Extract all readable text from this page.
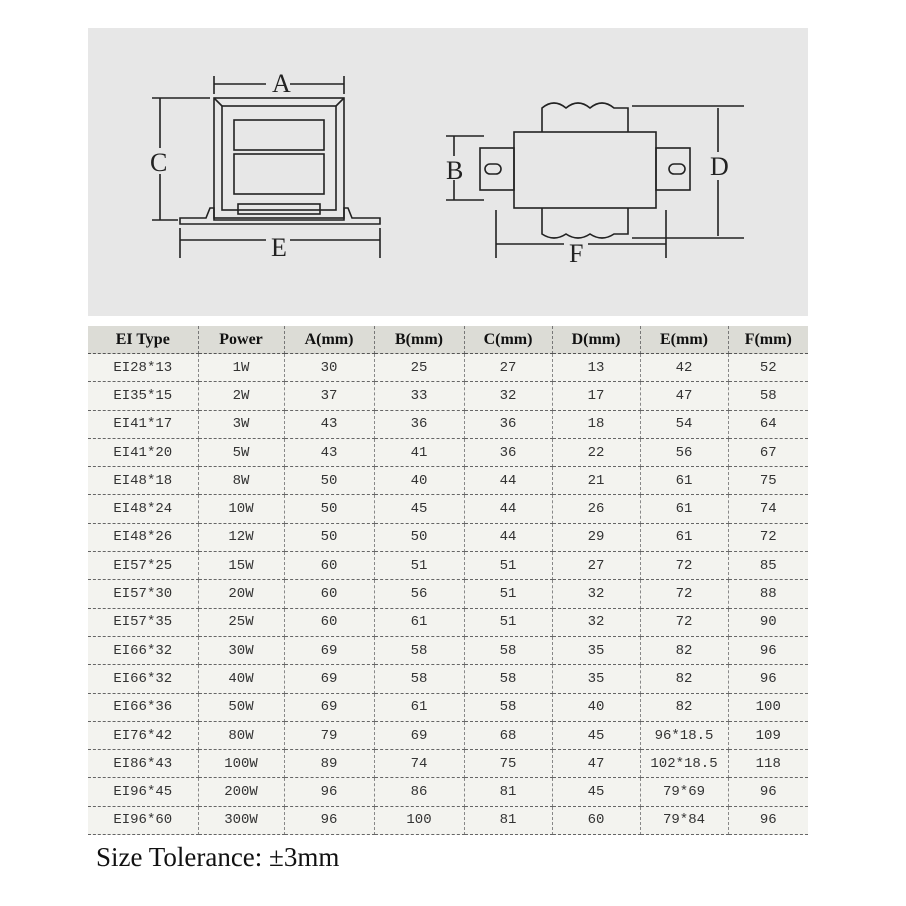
A
C
E
B	D
F
EI Type	Power	A(mm)	B(mm)	C(mm)	D(mm)	E(mm)	F(mm)
EI28*13	1W	30	25	27	13	42	52
EI35*15	2W	37	33	32	17	47	58
EI41*17	3W	43	36	36	18	54	64
EI41*20	5W	43	41	36	22	56	67
EI48*18	8W	50	40	44	21	61	75
EI48*24	10W	50	45	44	26	61	74
EI48*26	12W	50	50	44	29	61	72
EI57*25	15W	60	51	51	27	72	85
EI57*30	20W	60	56	51	32	72	88
EI57*35	25W	60	61	51	32	72	90
EI66*32	30W	69	58	58	35	82	96
EI66*32	40W	69	58	58	35	82	96
EI66*36	50W	69	61	58	40	82	100
EI76*42	80W	79	69	68	45	96*18.5	109
EI86*43	100W	89	74	75	47	102*18.5	118
EI96*45	200W	96	86	81	45	79*69	96
EI96*60	300W	96	100	81	60	79*84	96
Size Tolerance: ±3mm
